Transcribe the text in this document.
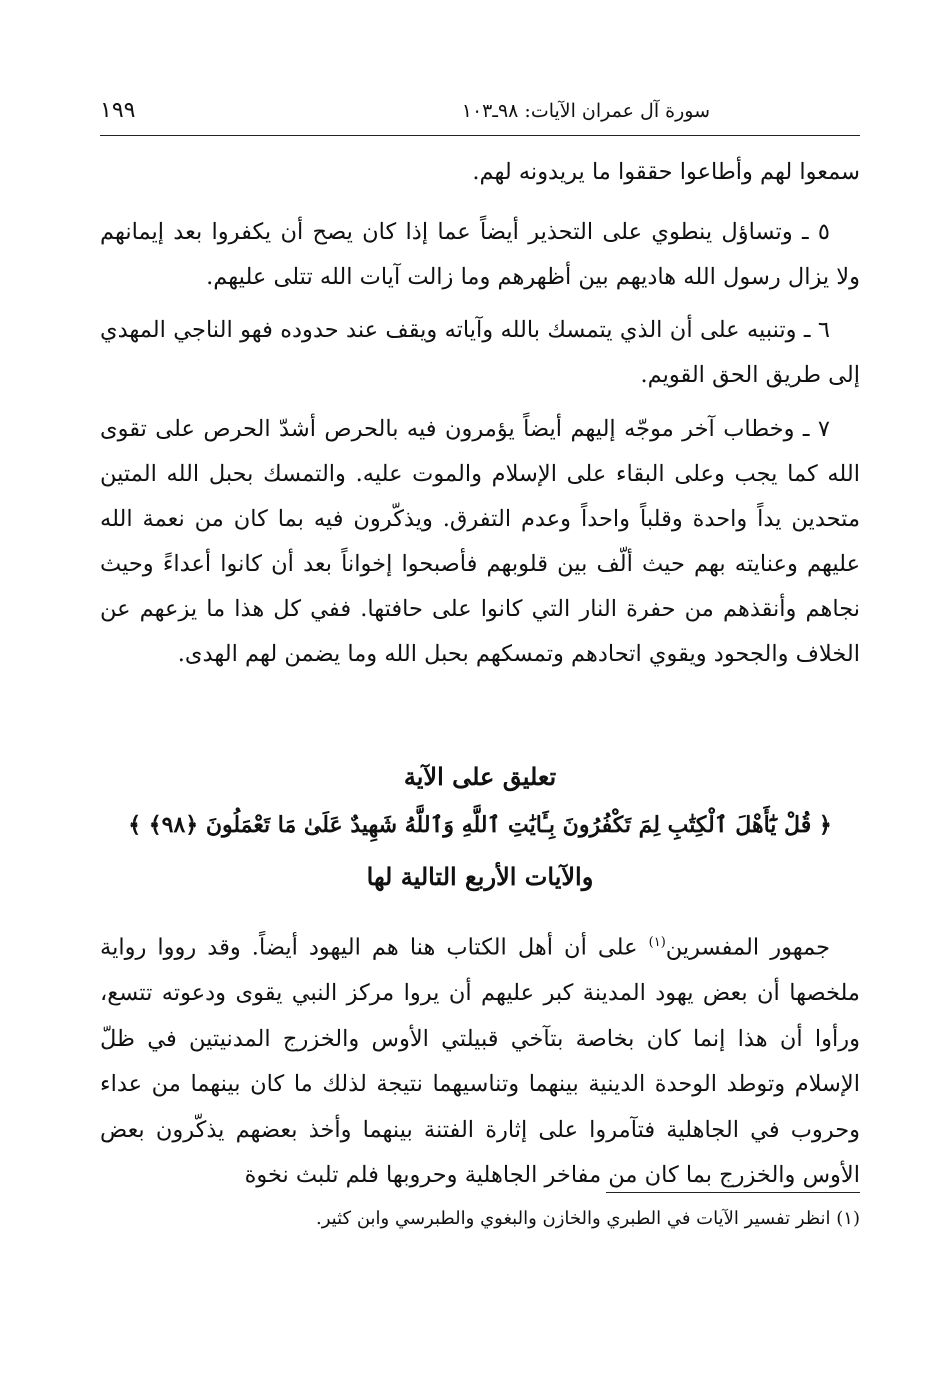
سورة آل عمران الآيات: ٩٨ـ١٠٣
١٩٩

سمعوا لهم وأطاعوا حققوا ما يريدونه لهم.

٥ ـ وتساؤل ينطوي على التحذير أيضاً عما إذا كان يصح أن يكفروا بعد إيمانهم ولا يزال رسول الله هاديهم بين أظهرهم وما زالت آيات الله تتلى عليهم.

٦ ـ وتنبيه على أن الذي يتمسك بالله وآياته ويقف عند حدوده فهو الناجي المهدي إلى طريق الحق القويم.

٧ ـ وخطاب آخر موجّه إليهم أيضاً يؤمرون فيه بالحرص أشدّ الحرص على تقوى الله كما يجب وعلى البقاء على الإسلام والموت عليه. والتمسك بحبل الله المتين متحدين يداً واحدة وقلباً واحداً وعدم التفرق. ويذكّرون فيه بما كان من نعمة الله عليهم وعنايته بهم حيث ألّف بين قلوبهم فأصبحوا إخواناً بعد أن كانوا أعداءً وحيث نجاهم وأنقذهم من حفرة النار التي كانوا على حافتها. ففي كل هذا ما يزعهم عن الخلاف والجحود ويقوي اتحادهم وتمسكهم بحبل الله وما يضمن لهم الهدى.

تعليق على الآية
﴿ قُلْ يَٰٓأَهْلَ ٱلْكِتَٰبِ لِمَ تَكْفُرُونَ بِـَٔايَٰتِ ٱللَّهِ وَٱللَّهُ شَهِيدٌ عَلَىٰ مَا تَعْمَلُونَ ﴿٩٨﴾ ﴾
والآيات الأربع التالية لها

جمهور المفسرين$^{(١)}$ على أن أهل الكتاب هنا هم اليهود أيضاً. وقد رووا رواية ملخصها أن بعض يهود المدينة كبر عليهم أن يروا مركز النبي يقوى ودعوته تتسع، ورأوا أن هذا إنما كان بخاصة بتآخي قبيلتي الأوس والخزرج المدنيتين في ظلّ الإسلام وتوطد الوحدة الدينية بينهما وتناسيهما نتيجة لذلك ما كان بينهما من عداء وحروب في الجاهلية فتآمروا على إثارة الفتنة بينهما وأخذ بعضهم يذكّرون بعض الأوس والخزرج بما كان من مفاخر الجاهلية وحروبها فلم تلبث نخوة

(١) انظر تفسير الآيات في الطبري والخازن والبغوي والطبرسي وابن كثير.
